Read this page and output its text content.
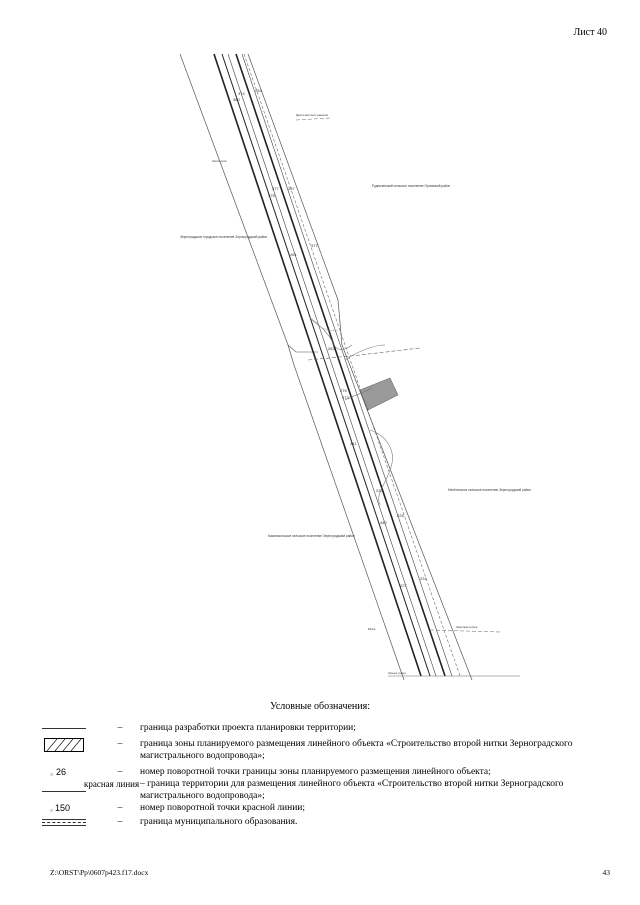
Лист 40
Рудниченский сельское поселение Орловский район
Зерноградское городское поселение Зерноградский район
Мечётинское сельское поселение Зерноградский район
Комсомольское сельское поселение Зерноградский район
Дорога местного значения
Лесополоса
Защитная полоса
Балка
Лесные угодья
374
380
254
377
375
257
377
261
263
276
273
441
220
226
442
227
231
Условные обозначения:
–	граница разработки проекта планировки территории;
–	граница зоны планируемого размещения линейного объекта «Строительство второй нитки Зерноградского магистрального водопровода»;
○ 26	–	номер поворотной точки границы зоны планируемого размещения линейного объекта;
красная линия – граница территории для размещения линейного объекта «Строительство второй нитки Зерноградского магистрального водопровода»;
○ 150	–	номер поворотной точки красной линии;
–	граница муниципального образования.
Z:\ORST\Pp\0607p423.f17.docx	43
